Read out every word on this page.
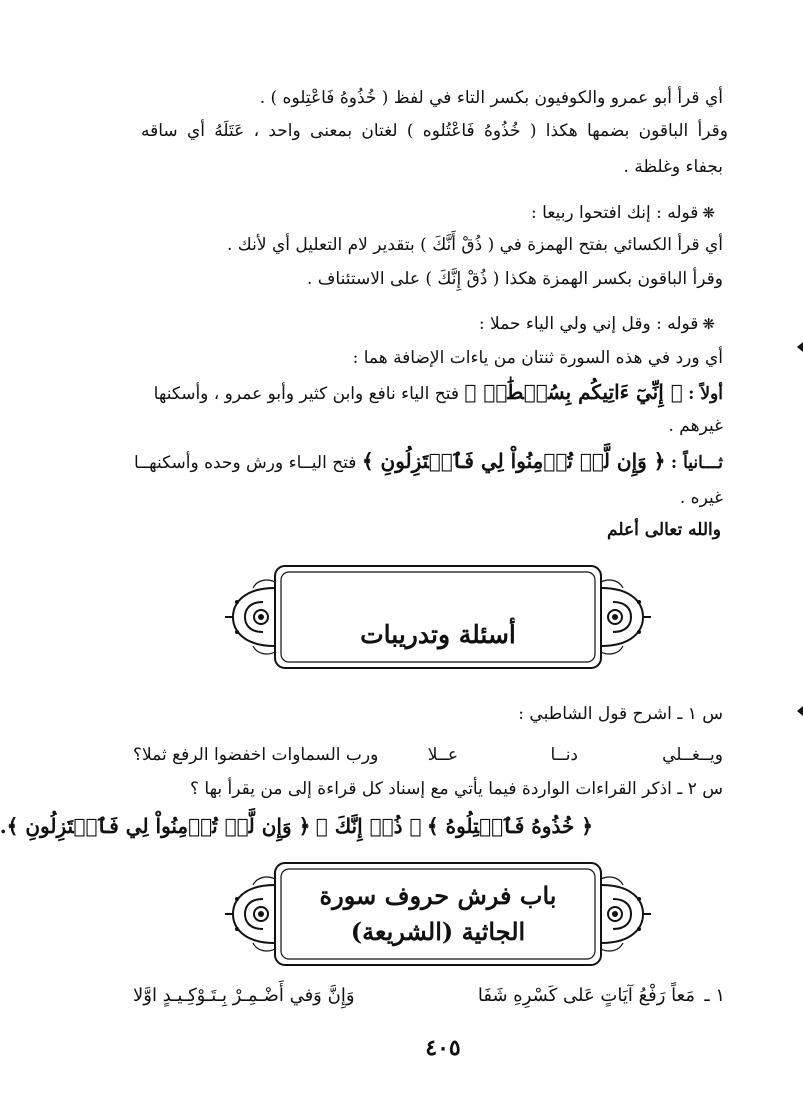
أي قرأ أبو عمرو والكوفيون بكسر التاء في لفظ ( خُذُوهُ فَاعْتِلوه ) .
وقرأ الباقون بضمها هكذا ( خُذُوهُ فَاعْتُلوه ) لغتان بمعنى واحد ، عَتَلَهُ أي ساقه
بجفاء وغلظة .
❋قوله : إنك افتحوا ربيعا :
أي قرأ الكسائي بفتح الهمزة في ( ذُقْ أَنَّكَ ) بتقدير لام التعليل أي لأنك .
وقرأ الباقون بكسر الهمزة هكذا ( ذُقْ إِنَّكَ ) على الاستئناف .
❋قوله : وقل إني ولي الياء حملا :
أي ورد في هذه السورة ثنتان من ياءات الإضافة هما :
أولاً : ﴿ إِنِّيٓ ءَاتِيكُم بِسُلۡطَٰنٖ ﴾ فتح الياء نافع وابن كثير وأبو عمرو ، وأسكنها
غيرهم .
ثـــانياً : ﴿ وَإِن لَّمۡ تُؤۡمِنُواْ لِي فَٱعۡتَزِلُونِ ﴾ فتح اليــاء ورش وحده وأسكنهــا
غيره .
والله تعالى أعلم
أسئلة وتدريبات
س ١ ـ اشرح قول الشاطبي :
ويــغــلي
دنــا
عــلا
ورب السماوات اخفضوا الرفع ثملا؟
س ٢ ـ اذكر القراءات الواردة فيما يأتي مع إسناد كل قراءة إلى من يقرأ بها ؟
﴿ خُذُوهُ فَٱعۡتِلُوهُ ﴾ ﴿ ذُقۡ إِنَّكَ ﴾ ﴿ وَإِن لَّمۡ تُؤۡمِنُواْ لِي فَٱعۡتَزِلُونِ ﴾.
باب فرش حروف سورة
الجاثية (الشريعة)
١ ـ
مَعاً رَفْعُ آيَاتٍ عَلى كَسْرِهِ شَفَا
وَإِنَّ وَفي أَضْـمِـرْ بِـتَـوْكِـيـدٍ اوَّلا
٤٠٥
